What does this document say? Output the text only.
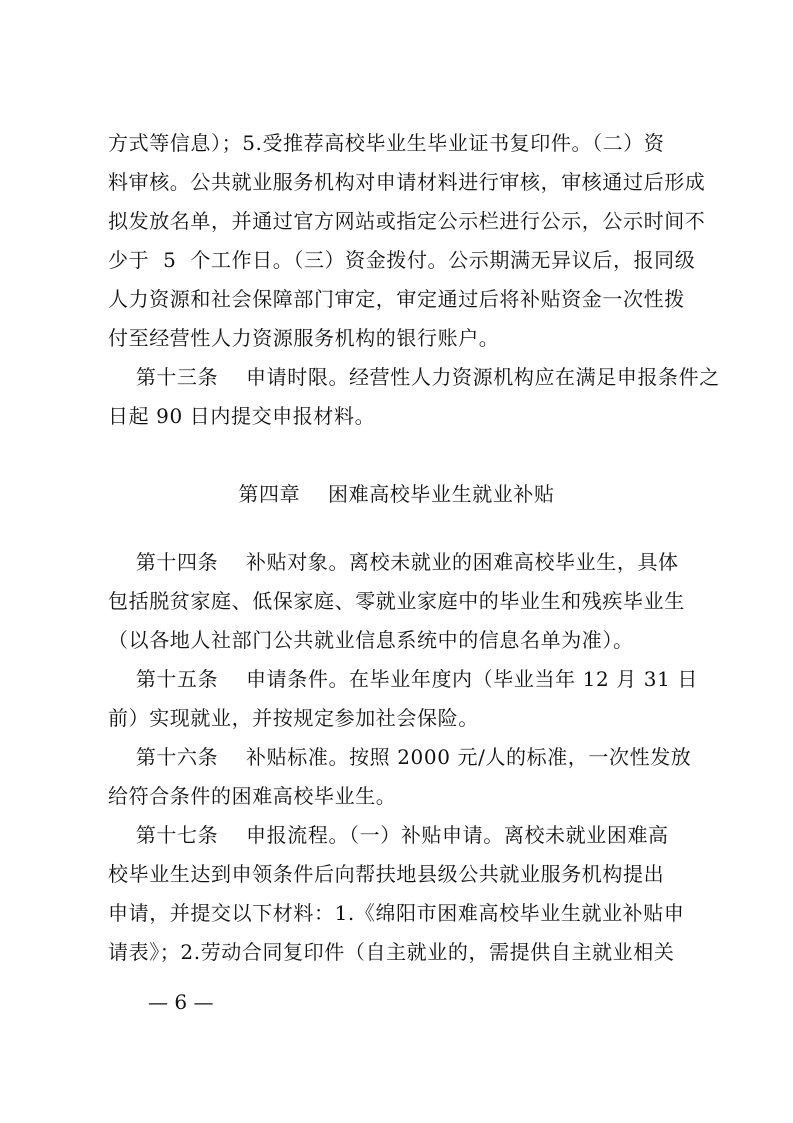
方式等信息）；5.受推荐高校毕业生毕业证书复印件。（二）资
料审核。公共就业服务机构对申请材料进行审核，审核通过后形成
拟发放名单，并通过官方网站或指定公示栏进行公示，公示时间不
少于  5  个工作日。（三）资金拨付。公示期满无异议后，报同级
人力资源和社会保障部门审定，审定通过后将补贴资金一次性拨
付至经营性人力资源服务机构的银行账户。
第十三条    申请时限。经营性人力资源机构应在满足申报条件之
日起 90 日内提交申报材料。
第四章    困难高校毕业生就业补贴
第十四条    补贴对象。离校未就业的困难高校毕业生，具体
包括脱贫家庭、低保家庭、零就业家庭中的毕业生和残疾毕业生
（以各地人社部门公共就业信息系统中的信息名单为准）。
第十五条    申请条件。在毕业年度内（毕业当年 12 月 31 日
前）实现就业，并按规定参加社会保险。
第十六条    补贴标准。按照 2000 元/人的标准，一次性发放
给符合条件的困难高校毕业生。
第十七条    申报流程。（一）补贴申请。离校未就业困难高
校毕业生达到申领条件后向帮扶地县级公共就业服务机构提出
申请，并提交以下材料：1.《绵阳市困难高校毕业生就业补贴申
请表》；2.劳动合同复印件（自主就业的，需提供自主就业相关
— 6 —
